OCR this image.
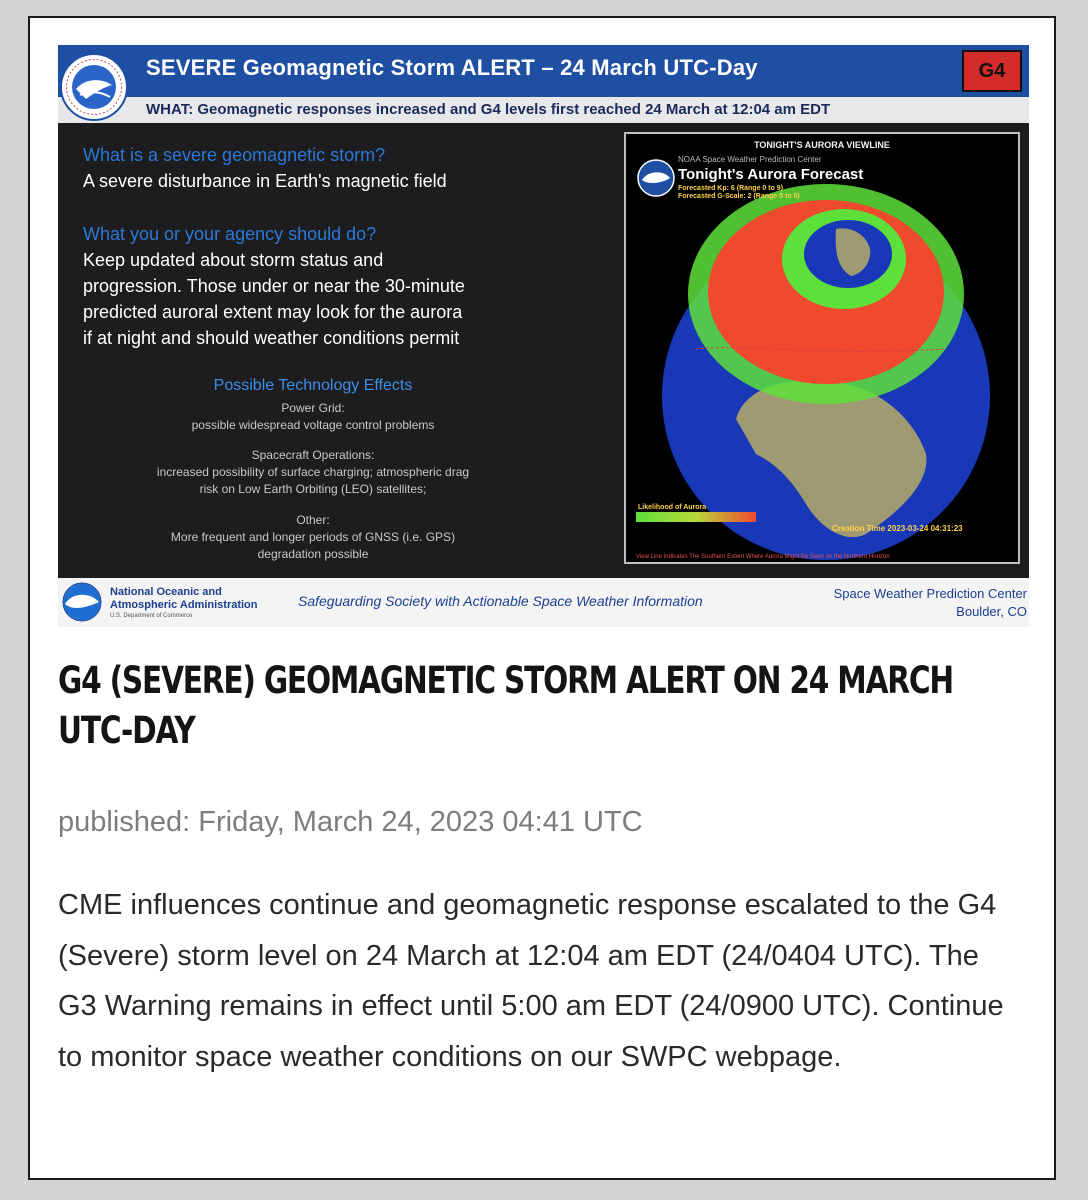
SEVERE Geomagnetic Storm ALERT – 24 March UTC-Day	G4
WHAT: Geomagnetic responses increased and G4 levels first reached 24 March at 12:04 am EDT
What is a severe geomagnetic storm?
A severe disturbance in Earth's magnetic field
What you or your agency should do?
Keep updated about storm status and
progression. Those under or near the 30-minute
predicted auroral extent may look for the aurora
if at night and should weather conditions permit
Possible Technology Effects
Power Grid:
possible widespread voltage control problems
Spacecraft Operations:
increased possibility of surface charging; atmospheric drag
risk on Low Earth Orbiting (LEO) satellites;
Other:
More frequent and longer periods of GNSS (i.e. GPS)
degradation possible
TONIGHT'S AURORA VIEWLINE
NOAA Space Weather Prediction Center
Tonight's Aurora Forecast
Forecasted Kp: 6 (Range 0 to 9)
Forecasted G-Scale: 2 (Range 0 to 5)
Likelihood of Aurora
Creation Time 2023-03-24 04:31:23
View Line Indicates The Southern Extent Where Aurora Might Be Seen on the Northern Horizon
National Oceanic and
Atmospheric Administration
U.S. Department of Commerce
Safeguarding Society with Actionable Space Weather Information	Space Weather Prediction Center
Boulder, CO
G4 (SEVERE) GEOMAGNETIC STORM ALERT ON 24 MARCH UTC-DAY
published: Friday, March 24, 2023 04:41 UTC
CME influences continue and geomagnetic response escalated to the G4 (Severe) storm level on 24 March at 12:04 am EDT (24/0404 UTC). The G3 Warning remains in effect until 5:00 am EDT (24/0900 UTC). Continue to monitor space weather conditions on our SWPC webpage.
